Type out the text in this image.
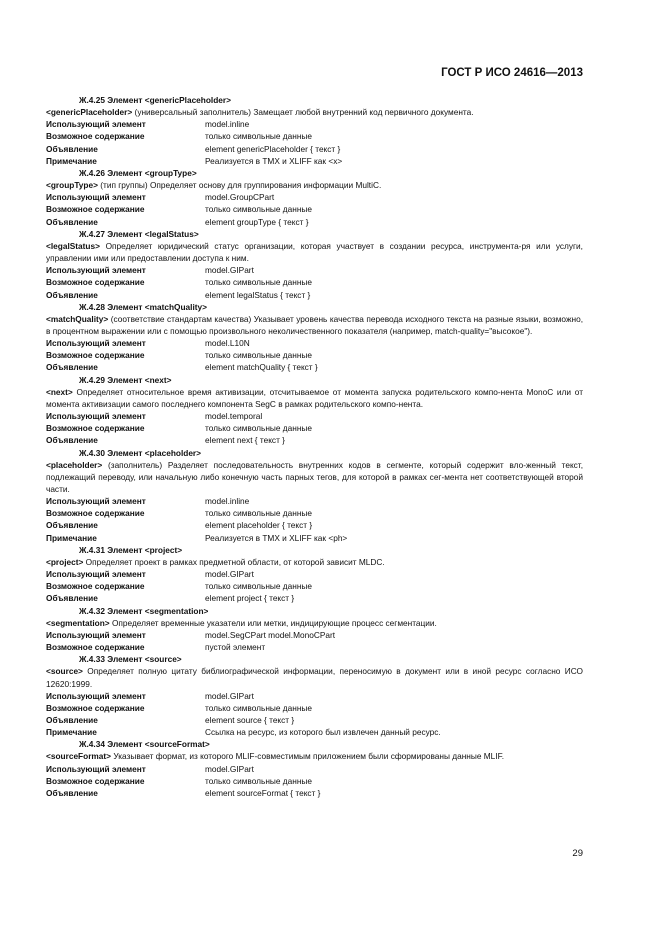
ГОСТ Р ИСО 24616—2013
Ж.4.25 Элемент <genericPlaceholder>
<genericPlaceholder> (универсальный заполнитель) Замещает любой внутренний код первичного документа.
Использующий элемент	model.inline
Возможное содержание	только символьные данные
Объявление	element genericPlaceholder { текст }
Примечание	Реализуется в TMX и XLIFF как <x>
Ж.4.26 Элемент <groupType>
<groupType> (тип группы) Определяет основу для группирования информации MultiC.
Использующий элемент	model.GroupCPart
Возможное содержание	только символьные данные
Объявление	element groupType { текст }
Ж.4.27 Элемент <legalStatus>
<legalStatus> Определяет юридический статус организации, которая участвует в создании ресурса, инструмента-ря или услуги, управлении ими или предоставлении доступа к ним.
Использующий элемент	model.GIPart
Возможное содержание	только символьные данные
Объявление	element legalStatus { текст }
Ж.4.28 Элемент <matchQuality>
<matchQuality> (соответствие стандартам качества) Указывает уровень качества перевода исходного текста на разные языки, возможно, в процентном выражении или с помощью произвольного неколичественного показателя (например, match-quality="высокое").
Использующий элемент	model.L10N
Возможное содержание	только символьные данные
Объявление	element matchQuality { текст }
Ж.4.29 Элемент <next>
<next> Определяет относительное время активизации, отсчитываемое от момента запуска родительского компо-нента MonoC или от момента активизации самого последнего компонента SegC в рамках родительского компо-нента.
Использующий элемент	model.temporal
Возможное содержание	только символьные данные
Объявление	element next { текст }
Ж.4.30 Элемент <placeholder>
<placeholder> (заполнитель) Разделяет последовательность внутренних кодов в сегменте, который содержит вло-женный текст, подлежащий переводу, или начальную либо конечную часть парных тегов, для которой в рамках сег-мента нет соответствующей второй части.
Использующий элемент	model.inline
Возможное содержание	только символьные данные
Объявление	element placeholder { текст }
Примечание	Реализуется в TMX и XLIFF как <ph>
Ж.4.31 Элемент <project>
<project> Определяет проект в рамках предметной области, от которой зависит MLDC.
Использующий элемент	model.GIPart
Возможное содержание	только символьные данные
Объявление	element project { текст }
Ж.4.32 Элемент <segmentation>
<segmentation> Определяет временные указатели или метки, индицирующие процесс сегментации.
Использующий элемент	model.SegCPart model.MonoCPart
Возможное содержание	пустой элемент
Ж.4.33 Элемент <source>
<source> Определяет полную цитату библиографической информации, переносимую в документ или в иной ресурс согласно ИСО 12620:1999.
Использующий элемент	model.GIPart
Возможное содержание	только символьные данные
Объявление	element source { текст }
Примечание	Ссылка на ресурс, из которого был извлечен данный ресурс.
Ж.4.34 Элемент <sourceFormat>
<sourceFormat> Указывает формат, из которого MLIF-совместимым приложением были сформированы данные MLIF.
Использующий элемент	model.GIPart
Возможное содержание	только символьные данные
Объявление	element sourceFormat { текст }
29
